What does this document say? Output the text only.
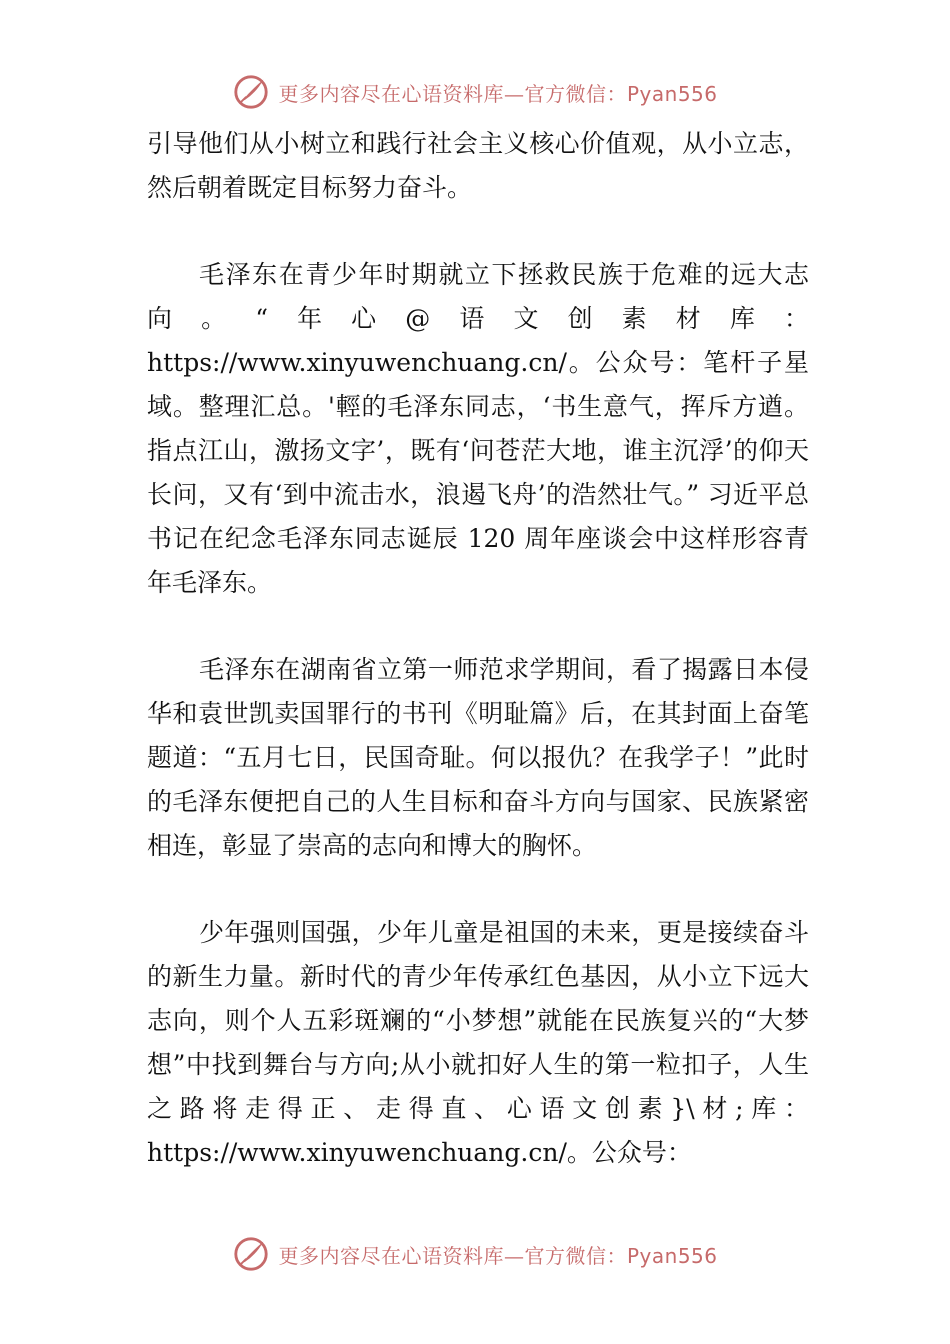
更多内容尽在心语资料库—官方微信：Pyan556

引导他们从小树立和践行社会主义核心价值观，从小立志，然后朝着既定目标努力奋斗。

毛泽东在青少年时期就立下拯救民族于危难的远大志向。“年心@语文创素材库：https://www.xinyuwenchuang.cn/。公众号：笔杆子星域。整理汇总。'輕的毛泽东同志，‘书生意气，挥斥方遒。指点江山，激扬文字’，既有‘问苍茫大地，谁主沉浮’的仰天长问，又有‘到中流击水，浪遏飞舟’的浩然壮气。” 习近平总书记在纪念毛泽东同志诞辰 120 周年座谈会中这样形容青年毛泽东。

毛泽东在湖南省立第一师范求学期间，看了揭露日本侵华和袁世凯卖国罪行的书刊《明耻篇》后，在其封面上奋笔题道：“五月七日，民国奇耻。何以报仇？在我学子！”此时的毛泽东便把自己的人生目标和奋斗方向与国家、民族紧密相连，彰显了崇高的志向和博大的胸怀。

少年强则国强，少年儿童是祖国的未来，更是接续奋斗的新生力量。新时代的青少年传承红色基因，从小立下远大志向，则个人五彩斑斓的“小梦想”就能在民族复兴的“大梦想”中找到舞台与方向;从小就扣好人生的第一粒扣子，人生之路将走得正、走得直、心语文创素}\材;库：https://www.xinyuwenchuang.cn/。公众号：

更多内容尽在心语资料库—官方微信：Pyan556
